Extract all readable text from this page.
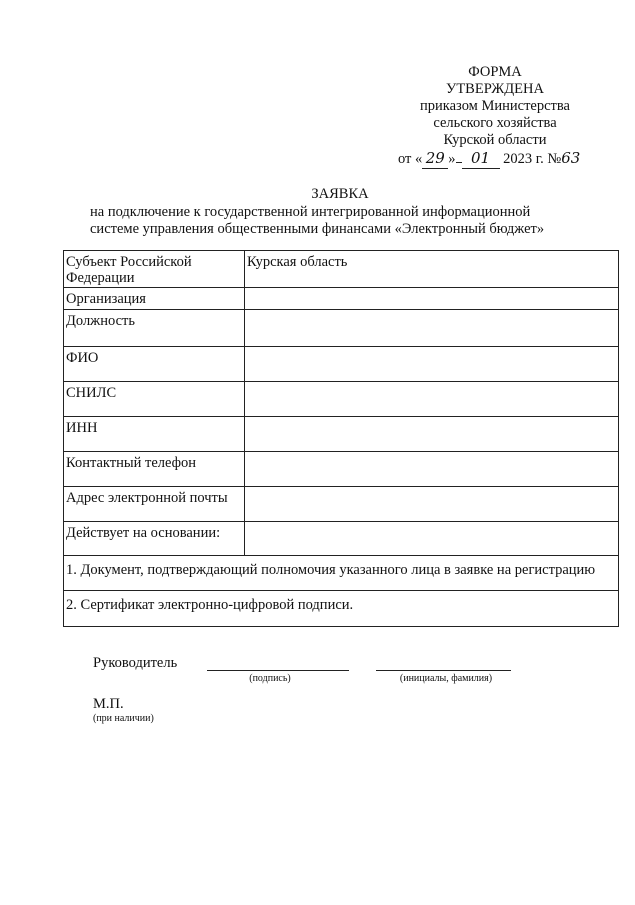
ФОРМА
УТВЕРЖДЕНА
приказом Министерства
сельского хозяйства
Курской области
от « 29 » 01 2023 г. №63
ЗАЯВКА
на подключение к государственной интегрированной информационной
системе управления общественными финансами «Электронный бюджет»
Субъект Российской Федерации	Курская область
Организация	
Должность	
ФИО	
СНИЛС	
ИНН	
Контактный телефон	
Адрес электронной почты	
Действует на основании:	
1. Документ, подтверждающий полномочия указанного лица в заявке на регистрацию	
2. Сертификат электронно-цифровой подписи.	
Руководитель
(подпись)	(инициалы, фамилия)
М.П.
(при наличии)
